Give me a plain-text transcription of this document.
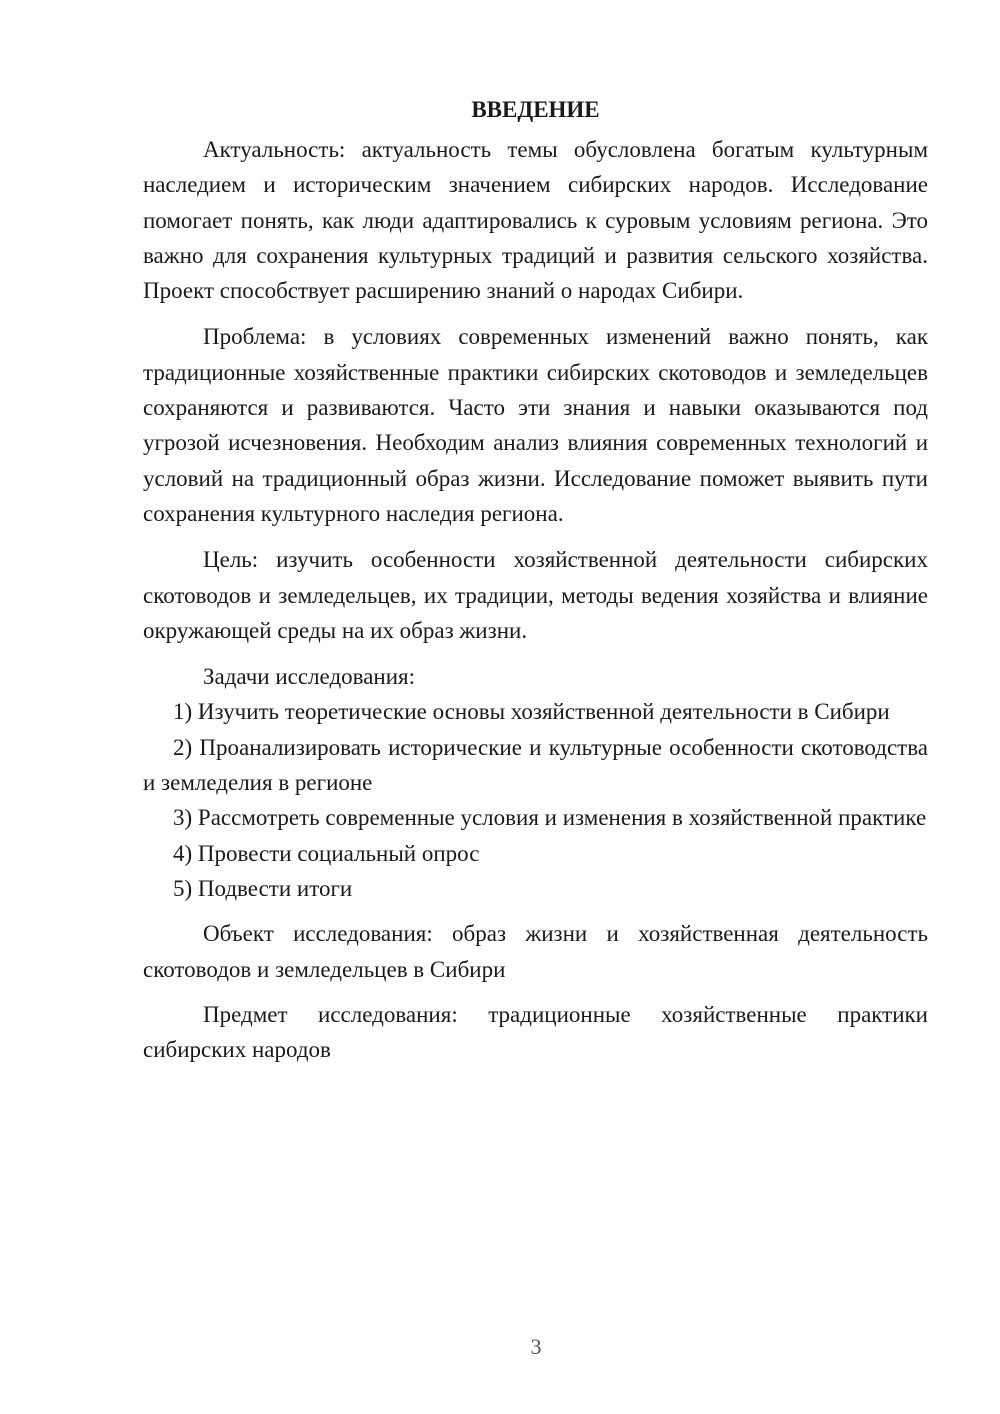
ВВЕДЕНИЕ

Актуальность: актуальность темы обусловлена богатым культурным наследием и историческим значением сибирских народов. Исследование помогает понять, как люди адаптировались к суровым условиям региона. Это важно для сохранения культурных традиций и развития сельского хозяйства. Проект способствует расширению знаний о народах Сибири.

Проблема: в условиях современных изменений важно понять, как традиционные хозяйственные практики сибирских скотоводов и земледельцев сохраняются и развиваются. Часто эти знания и навыки оказываются под угрозой исчезновения. Необходим анализ влияния современных технологий и условий на традиционный образ жизни. Исследование поможет выявить пути сохранения культурного наследия региона.

Цель: изучить особенности хозяйственной деятельности сибирских скотоводов и земледельцев, их традиции, методы ведения хозяйства и влияние окружающей среды на их образ жизни.

Задачи исследования:

1) Изучить теоретические основы хозяйственной деятельности в Сибири

2) Проанализировать исторические и культурные особенности скотоводства и земледелия в регионе

3) Рассмотреть современные условия и изменения в хозяйственной практике

4) Провести социальный опрос

5) Подвести итоги

Объект исследования: образ жизни и хозяйственная деятельность скотоводов и земледельцев в Сибири

Предмет исследования: традиционные хозяйственные практики сибирских народов

3
